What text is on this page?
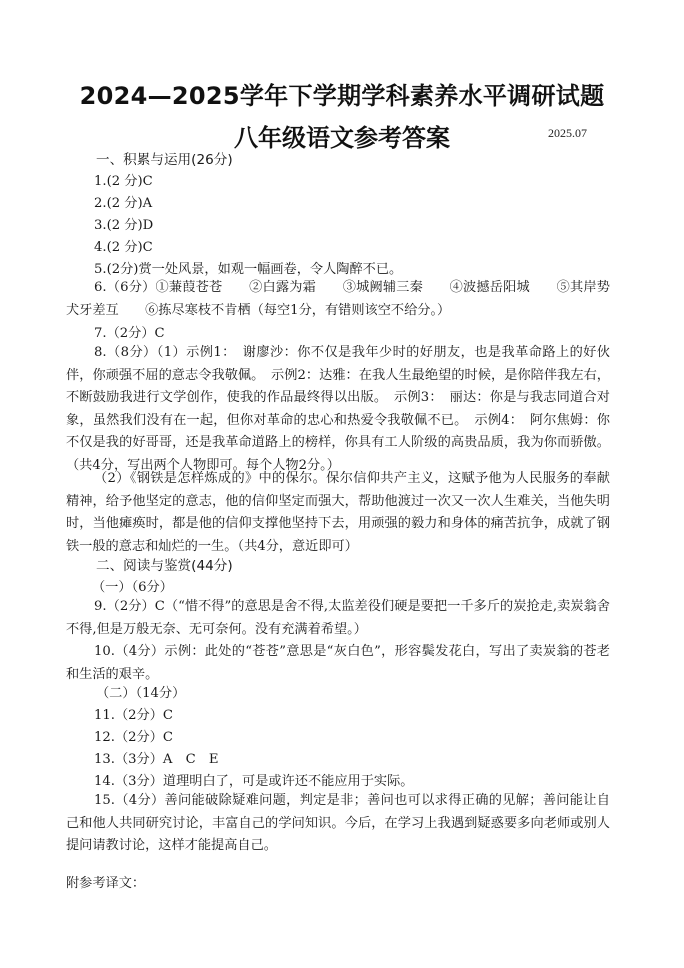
2024—2025学年下学期学科素养水平调研试题
八年级语文参考答案	2025.07
一、积累与运用(26分)
1.(2 分)C
2.(2 分)A
3.(2 分)D
4.(2 分)C
5.(2分)赏一处风景，如观一幅画卷，令人陶醉不已。
6.（6分）①蒹葭苍苍　　②白露为霜　　③城阙辅三秦　　④波撼岳阳城　　⑤其岸势犬牙差互　　⑥拣尽寒枝不肯栖（每空1分，有错则该空不给分。）
7.（2分）C
8.（8分）（1）示例1：　谢廖沙：你不仅是我年少时的好朋友，也是我革命路上的好伙伴，你顽强不屈的意志令我敬佩。　示例2：达雅：在我人生最绝望的时候，是你陪伴我左右，不断鼓励我进行文学创作，使我的作品最终得以出版。　示例3：　丽达：你是与我志同道合对象，虽然我们没有在一起，但你对革命的忠心和热爱令我敬佩不已。　示例4：　阿尔焦姆：你不仅是我的好哥哥，还是我革命道路上的榜样，你具有工人阶级的高贵品质，我为你而骄傲。（共4分，写出两个人物即可。每个人物2分。）
（2）《钢铁是怎样炼成的》中的保尔。保尔信仰共产主义，这赋予他为人民服务的奉献精神，给予他坚定的意志，他的信仰坚定而强大，帮助他渡过一次又一次人生难关，当他失明时，当他瘫痪时，都是他的信仰支撑他坚持下去，用顽强的毅力和身体的痛苦抗争，成就了钢铁一般的意志和灿烂的一生。（共4分，意近即可）
二、阅读与鉴赏(44分)
（一）（6分）
9.（2分）C（“惜不得”的意思是舍不得,太监差役们硬是要把一千多斤的炭抢走,卖炭翁舍不得,但是万般无奈、无可奈何。没有充满着希望。）
10.（4分）示例：此处的“苍苍”意思是“灰白色”，形容鬓发花白，写出了卖炭翁的苍老和生活的艰辛。
（二）（14分）
11.（2分）C
12.（2分）C
13.（3分）A　C　E
14.（3分）道理明白了，可是或许还不能应用于实际。
15.（4分）善问能破除疑难问题，判定是非；善问也可以求得正确的见解；善问能让自己和他人共同研究讨论，丰富自己的学问知识。今后，在学习上我遇到疑惑要多向老师或别人提问请教讨论，这样才能提高自己。
附参考译文：
